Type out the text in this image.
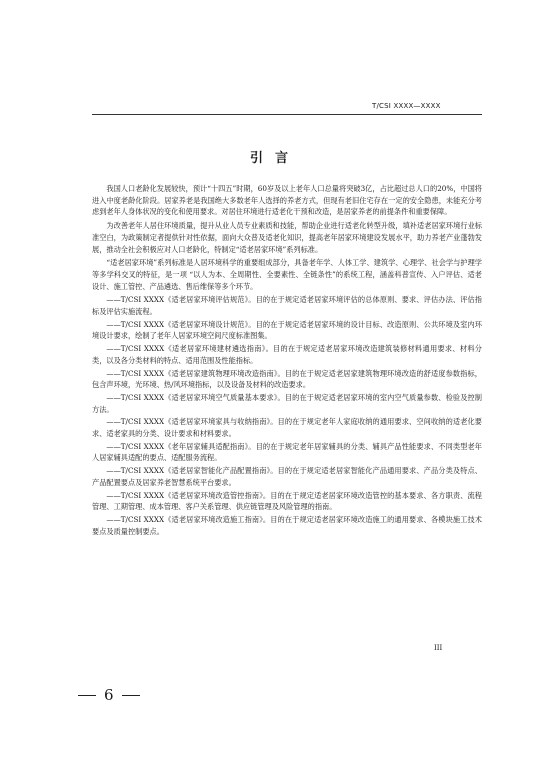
T/CSI XXXX—XXXX
引言

我国人口老龄化发展较快，预计“十四五”时期，60岁及以上老年人口总量将突破3亿，占比超过总人口的20%，中国将进入中度老龄化阶段。居家养老是我国绝大多数老年人选择的养老方式，但现有老旧住宅存在一定的安全隐患，未能充分考虑到老年人身体状况的变化和使用要求。对居住环境进行适老化干预和改造，是居家养老的前提条件和重要保障。

为改善老年人居住环境质量，提升从业人员专业素质和技能，帮助企业进行适老化转型升级，填补适老居家环境行业标准空白，为政策制定者提供针对性依据，面向大众普及适老化知识，提高老年居家环境建设发展水平，助力养老产业蓬勃发展，推动全社会积极应对人口老龄化，特制定“适老居家环境”系列标准。

“适老居家环境”系列标准是人居环境科学的重要组成部分，具备老年学、人体工学、建筑学、心理学、社会学与护理学等多学科交叉的特征，是一项 “以人为本、全周期性、全要素性、全链条性”的系统工程，涵盖科普宣传、入户评估、适老设计、施工管控、产品遴选、售后维保等多个环节。

——T/CSI XXXX《适老居家环境评估规范》。目的在于规定适老居家环境评估的总体原则、要求、评估办法、评估指标及评估实施流程。

——T/CSI XXXX《适老居家环境设计规范》。目的在于规定适老居家环境的设计目标、改造原则、公共环境及室内环境设计要求，绘制了老年人居家环境空间尺度标准图集。

——T/CSI XXXX《适老居家环境建材遴选指南》。目的在于规定适老居家环境改造建筑装修材料通用要求、材料分类，以及各分类材料的特点、适用范围及性能指标。

——T/CSI XXXX《适老居家建筑物理环境改造指南》。目的在于规定适老居家建筑物理环境改造的舒适度参数指标，包含声环境，光环境、热/风环境指标，以及设备及材料的改造要求。

——T/CSI XXXX《适老居家环境空气质量基本要求》。目的在于规定适老居家环境的室内空气质量参数、检验及控制方法。

——T/CSI XXXX《适老居家环境家具与收纳指南》。目的在于规定老年人家庭收纳的通用要求、空间收纳的适老化要求、适老家具的分类、设计要求和材料要求。

——T/CSI XXXX《老年居家辅具适配指南》。目的在于规定老年居家辅具的分类、辅具产品性能要求、不同类型老年人居家辅具适配的要点、适配服务流程。

——T/CSI XXXX《适老居家智能化产品配置指南》。目的在于规定适老居家智能化产品通用要求、产品分类及特点、产品配置要点及居家养老智慧系统平台要求。

——T/CSI XXXX《适老居家环境改造管控指南》。目的在于规定适老居家环境改造管控的基本要求、各方职责、流程管理、工期管理、成本管理、客户关系管理、供应链管理及风险管理的指南。

——T/CSI XXXX《适老居家环境改造施工指南》。目的在于规定适老居家环境改造施工的通用要求、各模块施工技术要点及质量控制要点。

III
6
